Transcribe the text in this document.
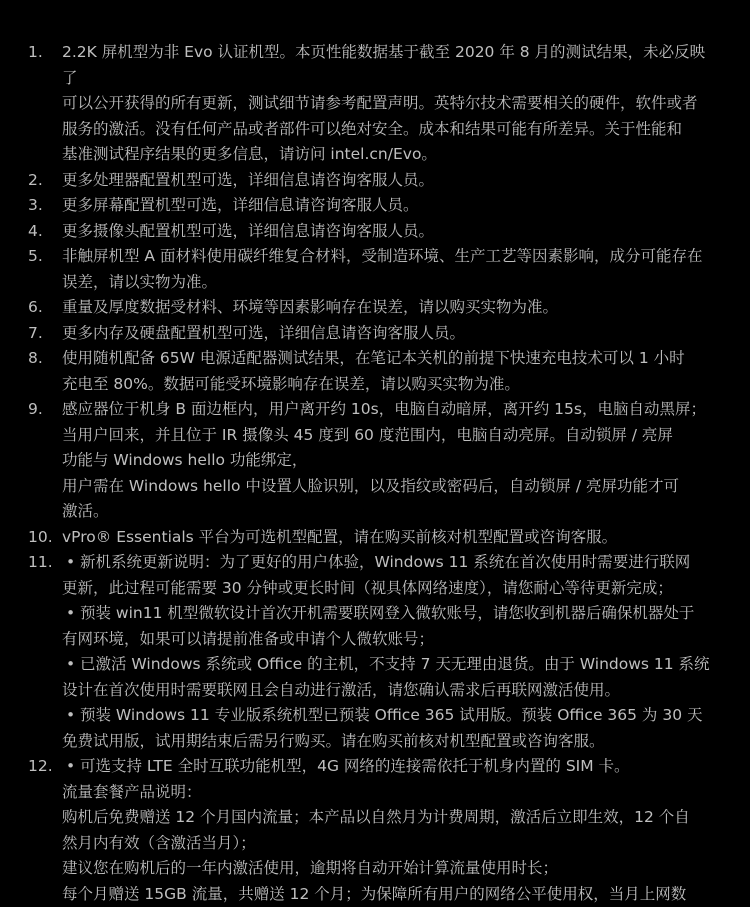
1.	2.2K 屏机型为非 Evo 认证机型。本页性能数据基于截至 2020 年 8 月的测试结果，未必反映了
可以公开获得的所有更新，测试细节请参考配置声明。英特尔技术需要相关的硬件，软件或者
服务的激活。没有任何产品或者部件可以绝对安全。成本和结果可能有所差异。关于性能和
基准测试程序结果的更多信息，请访问 intel.cn/Evo。
2.	更多处理器配置机型可选，详细信息请咨询客服人员。
3.	更多屏幕配置机型可选，详细信息请咨询客服人员。
4.	更多摄像头配置机型可选，详细信息请咨询客服人员。
5.	非触屏机型 A 面材料使用碳纤维复合材料，受制造环境、生产工艺等因素影响，成分可能存在
误差，请以实物为准。
6.	重量及厚度数据受材料、环境等因素影响存在误差，请以购买实物为准。
7.	更多内存及硬盘配置机型可选，详细信息请咨询客服人员。
8.	使用随机配备 65W 电源适配器测试结果，在笔记本关机的前提下快速充电技术可以 1 小时
充电至 80%。数据可能受环境影响存在误差，请以购买实物为准。
9.	感应器位于机身 B 面边框内，用户离开约 10s，电脑自动暗屏，离开约 15s，电脑自动黑屏；
当用户回来，并且位于 IR 摄像头 45 度到 60 度范围内，电脑自动亮屏。自动锁屏 / 亮屏
功能与 Windows hello 功能绑定，
用户需在 Windows hello 中设置人脸识别，以及指纹或密码后，自动锁屏 / 亮屏功能才可
激活。
10. vPro® Essentials 平台为可选机型配置，请在购买前核对机型配置或咨询客服。
11.	• 新机系统更新说明：为了更好的用户体验，Windows 11 系统在首次使用时需要进行联网
更新，此过程可能需要 30 分钟或更长时间（视具体网络速度），请您耐心等待更新完成；
• 预装 win11 机型微软设计首次开机需要联网登入微软账号，请您收到机器后确保机器处于
有网环境，如果可以请提前准备或申请个人微软账号；
• 已激活 Windows 系统或 Office 的主机，不支持 7 天无理由退货。由于 Windows 11 系统
设计在首次使用时需要联网且会自动进行激活，请您确认需求后再联网激活使用。
• 预装 Windows 11 专业版系统机型已预装 Office 365 试用版。预装 Office 365 为 30 天
免费试用版，试用期结束后需另行购买。请在购买前核对机型配置或咨询客服。
12.	• 可选支持 LTE 全时互联功能机型，4G 网络的连接需依托于机身内置的 SIM 卡。
流量套餐产品说明：
购机后免费赠送 12 个月国内流量；本产品以自然月为计费周期，激活后立即生效，12 个自
然月内有效（含激活当月）；
建议您在购机后的一年内激活使用，逾期将自动开始计算流量使用时长；
每个月赠送 15GB 流量，共赠送 12 个月；为保障所有用户的网络公平使用权，当月上网数
